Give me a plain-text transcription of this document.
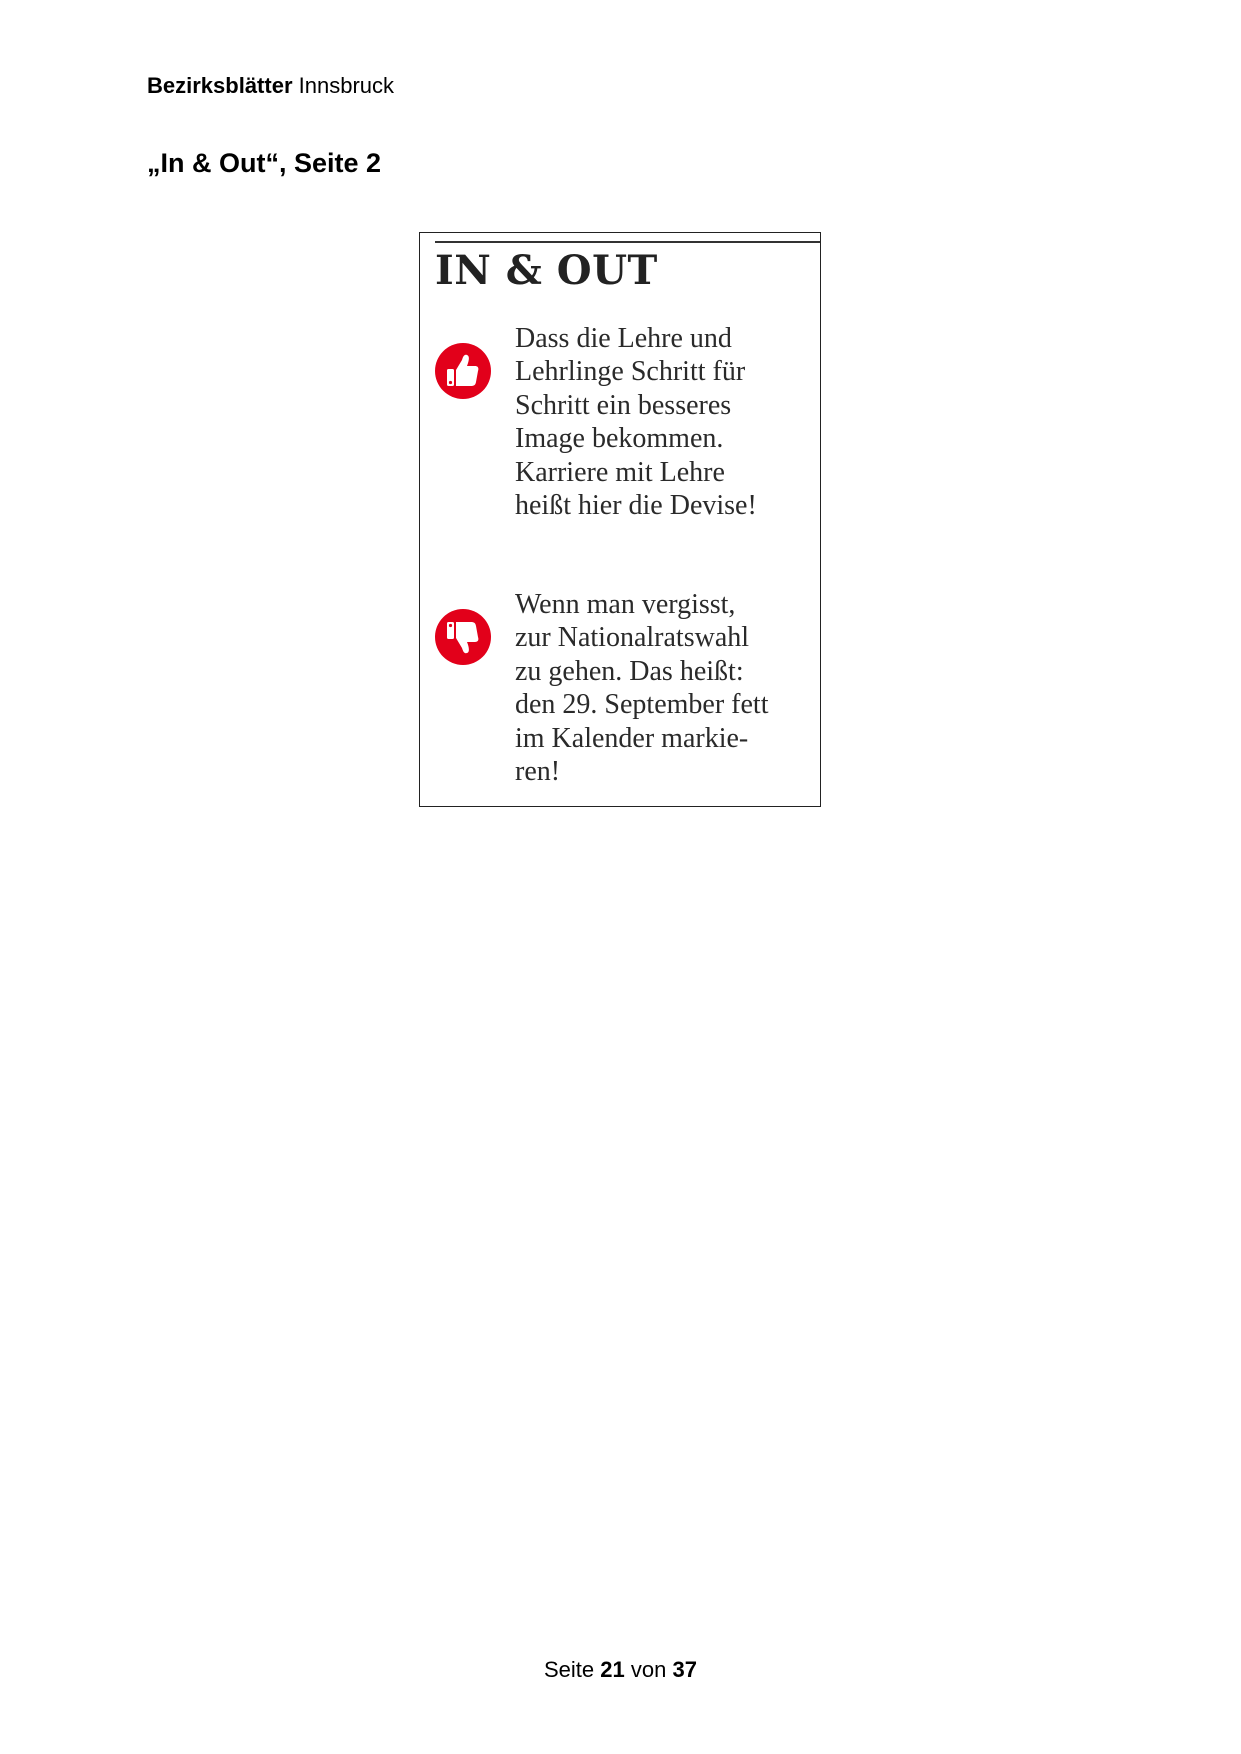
Bezirksblätter Innsbruck
„In & Out“, Seite 2
IN & OUT

Dass die Lehre und
Lehrlinge Schritt für
Schritt ein besseres
Image bekommen.
Karriere mit Lehre
heißt hier die Devise!

Wenn man vergisst,
zur Nationalratswahl
zu gehen. Das heißt:
den 29. September fett
im Kalender markie-
ren!

Seite 21 von 37
